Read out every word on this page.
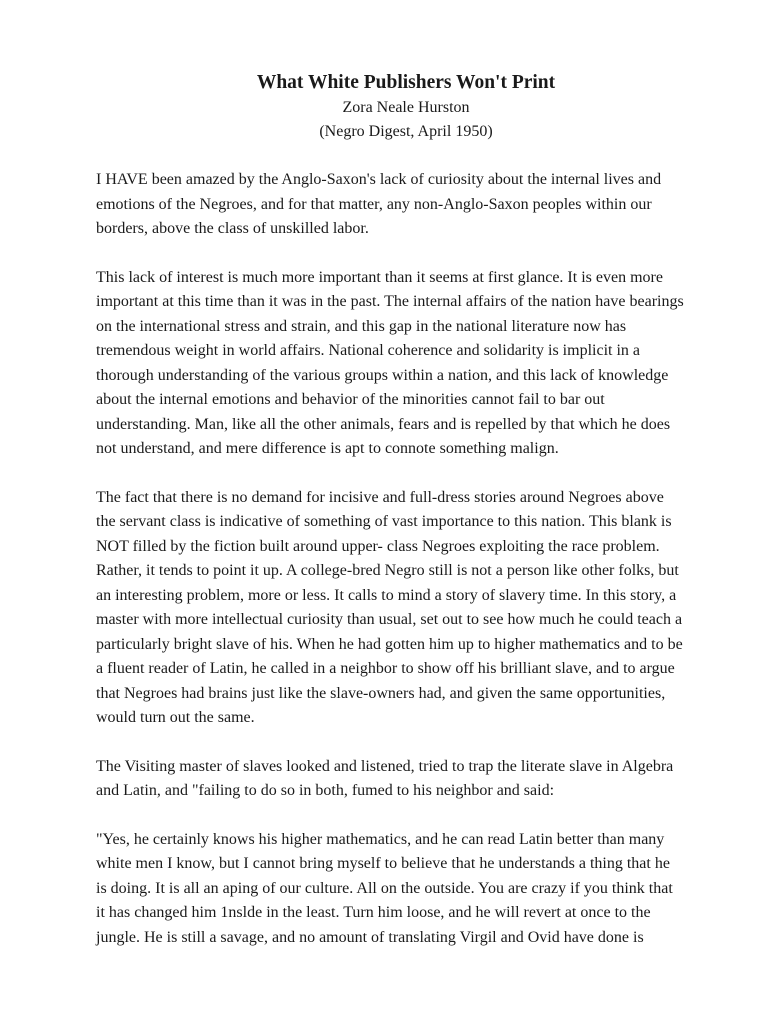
What White Publishers Won't Print

Zora Neale Hurston

(Negro Digest, April 1950)

I HAVE been amazed by the Anglo-Saxon's lack of curiosity about the internal lives and
emotions of the Negroes, and for that matter, any non-Anglo-Saxon peoples within our
borders, above the class of unskilled labor.
This lack of interest is much more important than it seems at first glance. It is even more
important at this time than it was in the past. The internal affairs of the nation have bearings
on the international stress and strain, and this gap in the national literature now has
tremendous weight in world affairs. National coherence and solidarity is implicit in a
thorough understanding of the various groups within a nation, and this lack of knowledge
about the internal emotions and behavior of the minorities cannot fail to bar out
understanding. Man, like all the other animals, fears and is repelled by that which he does
not understand, and mere difference is apt to connote something malign.
The fact that there is no demand for incisive and full-dress stories around Negroes above
the servant class is indicative of something of vast importance to this nation. This blank is
NOT filled by the fiction built around upper- class Negroes exploiting the race problem.
Rather, it tends to point it up. A college-bred Negro still is not a person like other folks, but
an interesting problem, more or less. It calls to mind a story of slavery time. In this story, a
master with more intellectual curiosity than usual, set out to see how much he could teach a
particularly bright slave of his. When he had gotten him up to higher mathematics and to be
a fluent reader of Latin, he called in a neighbor to show off his brilliant slave, and to argue
that Negroes had brains just like the slave-owners had, and given the same opportunities,
would turn out the same.
The Visiting master of slaves looked and listened, tried to trap the literate slave in Algebra
and Latin, and "failing to do so in both, fumed to his neighbor and said:
"Yes, he certainly knows his higher mathematics, and he can read Latin better than many
white men I know, but I cannot bring myself to believe that he understands a thing that he
is doing. It is all an aping of our culture. All on the outside. You are crazy if you think that
it has changed him 1nslde in the least. Turn him loose, and he will revert at once to the
jungle. He is still a savage, and no amount of translating Virgil and Ovid have done is
